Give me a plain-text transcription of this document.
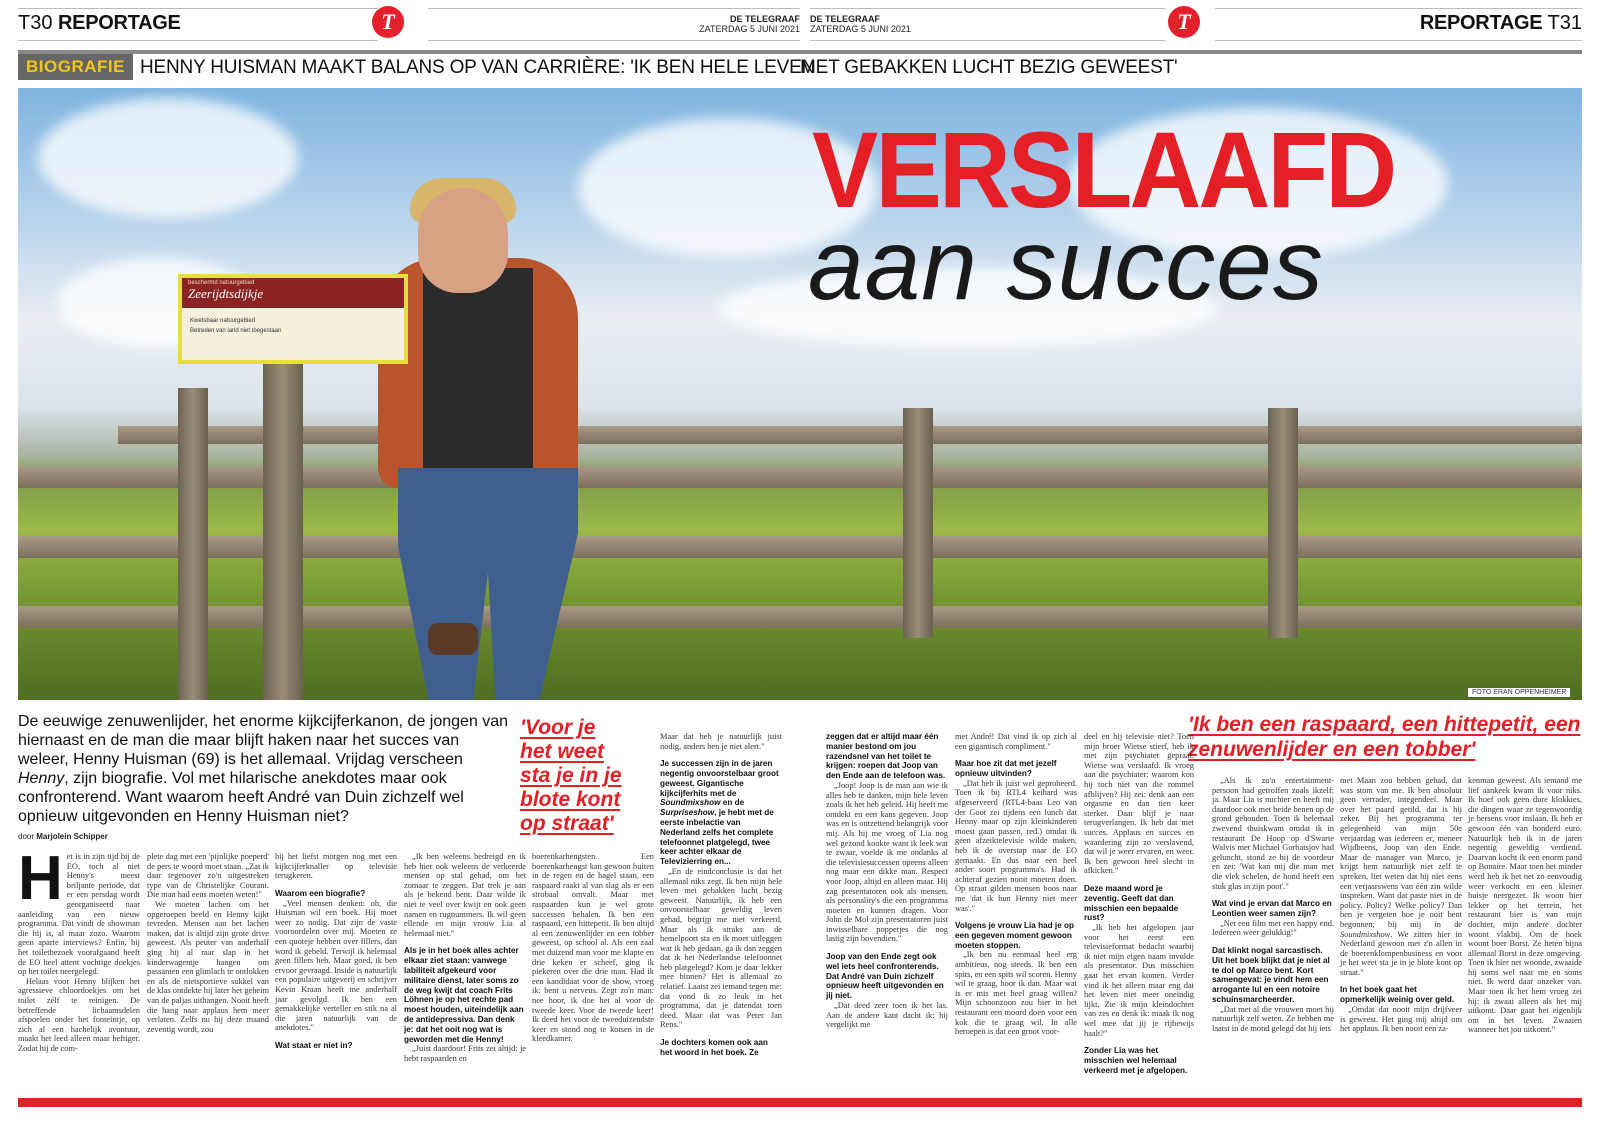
T30 REPORTAGE	T	DE TELEGRAAF
ZATERDAG 5 JUNI 2021
DE TELEGRAAF
ZATERDAG 5 JUNI 2021	T	REPORTAGE T31
BIOGRAFIE HENNY HUISMAN MAAKT BALANS OP VAN CARRIÈRE: 'IK BEN HELE LEVEN
MET GEBAKKEN LUCHT BEZIG GEWEEST'
beschermd natuurgebied
Zeerijdtsdijkje
Kwetsbaar natuurgebied
Betreden van land niet toegestaan
VERSLAAFD
aan succes
FOTO ERAN OPPENHEIMER
De eeuwige zenuwenlijder, het enorme kijkcijferkanon, de jongen van hiernaast en de man die maar blijft haken naar het succes van weleer, Henny Huisman (69) is het allemaal. Vrijdag verscheen Henny, zijn biografie. Vol met hilarische anekdotes maar ook confronterend. Want waarom heeft André van Duin zichzelf wel opnieuw uitgevonden en Henny Huisman niet?
door Marjolein Schipper
'Voor je het weet sta je in je blote kont op straat'
'Ik ben een raspaard, een hittepetit, een zenuwenlijder en een tobber'
H et is in zijn tijd bij de EO, toch al niet Henny's meest briljante periode, dat er een persdag wordt georganiseerd naar aanleiding van een nieuw programma. Dat vindt de showman die hij is, al maar zozo. Waarom geen aparte interviews? Enfin, bij het toiletbezoek voorafgaand heeft de EO heel attent vochtige doekjes op het toilet neergelegd.

Helaas voor Henny blijken het agressieve chloordoekjes om het toilet zélf te reinigen. De betreffende lichaamsdelen afspoelen onder het fonteintje, op zich al een hachelijk avontuur, maakt het leed alleen maar heftiger. Zodat hij de com-

plete dag met een 'pijnlijke poeperd' de pers te woord moet staan. „Zat ik daar tegenover zo'n uitgestreken type van de Christelijke Courant. Die man had eens moeten weten!"

We moeten lachen om het opgeroepen beeld en Henny kijkt tevreden. Mensen aan het lachen maken, dat is altijd zijn grote drive geweest. Als peuter van anderhalf ging hij al raar slap in het kinderwagentje hangen om passanten een glimlach te ontlokken en als de nietsportieve sukkel van de klas ontdekte hij later het geheim van de paljas uithangen. Nooit heeft die hang naar applaus hem meer verlaten. Zelfs nu hij deze maand zeventig wordt, zou

hij het liefst morgen nog met een kijkcijferknaller op televisie terugkeren.

Waarom een biografie?

„Veel mensen denken: oh, die Huisman wil een boek. Hij moet weer zo nodig. Dat zijn de vaste vooroordelen over mij. Moeten ze een quoteje hebben over fillers, dan word ik gebeld. Terwijl ik helemaal geen fillers heb. Maar goed, ik ben ervoor gevraagd. Inside is natuurlijk een populaire uitgeverij en schrijver Kevin Kraan heeft me anderhalf jaar gevolgd. Ik ben een gemakkelijke verteller en stik na al die jaren natuurlijk van de anekdotes."

Wat staat er niet in?

„Ik ben weleens bedreigd en ik heb hier ook weleens de verkeerde mensen op stal gehad, om het zomaar te zeggen. Dat trek je aan als je bekend bent. Daar wilde ik niet te veel over kwijt en ook geen namen en rugnummers. Ik wil geen ellende en mijn vrouw Lia al helemaal niet."

Als je in het boek alles achter elkaar ziet staan: vanwege labiliteit afgekeurd voor militaire dienst, later soms zo de weg kwijt dat coach Frits Löhnen je op het rechte pad moest houden, uiteindelijk aan de antidepressiva. Dan denk je: dat het ooit nog wat is geworden met die Henny!

„Juist daardoor! Frits zei altijd: je hebt raspaarden en

boerenkarhengsten. Een boerenkarhengst kan gewoon buiten in de regen en de hagel staan, een raspaard raakt al van slag als er een strobaal omvalt. Maar met raspaarden kun je wel grote successen behalen. Ik ben een raspaard, een hittepetit. Ik ben altijd al een zenuwenlijder en een tobber geweest, op school al. Als een zaal met duizend man voor me klapte en drie keken er scheef, ging ik piekeren over die drie man. Had ik een kandidaat voor de show, vroeg ik: bent u nerveus. Zegt zo'n man: nee hoor, ik doe het al voor de tweede keer. Voor de tweede keer! Ik deed het voor de tweeduizendste keer en stond nog te kotsen in de kleedkamer.

Maar dat heb je natuurlijk juist nodig, anders ben je niet alert."

Je successen zijn in de jaren negentig onvoorstelbaar groot geweest. Gigantische kijkcijferhits met de Soundmixshow en de Surpriseshow, je hebt met de eerste inbelactie van Nederland zelfs het complete telefoonnet platgelegd, twee keer achter elkaar de Televizierring en...

„En de eindconclusie is dat het allemaal niks zegt. Ik ben mijn hele leven met gebakken lucht bezig geweest. Natuurlijk, ik heb een onvoorstelbaar geweldig leven gehad, begrijp me niet verkeerd. Maar als ik straks aan de hemelpoort sta en ik moet uitleggen wat ik heb gedaan, ga ik dan zeggen dat ik het Nederlandse telefoonnet heb platgelegd? Kom je daar lekker mee binnen? Het is allemaal zo relatief. Laatst zei iemand tegen me: dat vond ik zo leuk in het programma, dat je datendat toen deed. Maar dat was Peter Jan Rens."

Je dochters komen ook aan het woord in het boek. Ze

zeggen dat er altijd maar één manier bestond om jou razendsnel van het toilet te krijgen: roepen dat Joop van den Ende aan de telefoon was.

„Joop! Joop is de man aan wie ik alles heb te danken, mijn hele leven zoals ik het heb geleid. Hij heeft me ontdekt en een kans gegeven. Joop was en is ontzettend belangrijk voor mij. Als hij me vroeg of Lia nog wel gezond kookte want ik leek wat te zwaar, voelde ik me ondanks al die televisiesuccessen opeens alleen nog maar een dikke man. Respect voor Joop, altijd en alleen maar. Hij zag presentatoren ook als mensen, als personality's die een programma moeten en kunnen dragen. Voor John de Mol zijn presentatoren juist inwisselbare poppetjes die nog lastig zijn bovendien."

Joop van den Ende zegt ook wel iets heel confronterends. Dat André van Duin zichzelf opnieuw heeft uitgevonden en jij niet.

„Dat deed zeer toen ik het las. Aan de andere kant dacht ik: hij vergelijkt me

met André! Dat vind ik op zich al een gigantisch compliment."

Maar hoe zit dat met jezelf opnieuw uitvinden?

„Dat heb ik juist wel geprobeerd. Toen ik bij RTL4 keihard was afgeserveerd (RTL4-baas Leo van der Goot zei tijdens een lunch dat Henny maar op zijn kleinkinderen moest gaan passen, red.) omdat ik geen afzeiktelevisie wilde maken, heb ik de overstap naar de EO gemaakt. En dus naar een heel ander soort programma's. Had ik achteraf gezien nooit moeten doen. Op straat gilden mensen boos naar me 'dat ik hun Henny niet meer was'."

Volgens je vrouw Lia had je op een gegeven moment gewoon moeten stoppen.

„Ik ben nu eenmaal heel erg ambitieus, nog steeds. Ik ben een spits, en een spits wil scoren. Henny wil te graag, hoor ik dan. Maar wat is er mis met heel graag willen? Mijn schoonzoon zou hier in het restaurant een moord doen voor een kok die te graag wil. In alle beroepen is dat een groot voor-

deel en bij televisie niet? Toen mijn broer Wietse stierf, heb ik met zijn psychiater gepraat. Wietse was verslaafd. Ik vroeg aan die psychiater: waarom kon hij toch niet van die rommel afblijven? Hij zei: denk aan een orgasme en dan tien keer sterker. Daar blijf je naar terugverlangen. Ik heb dat met succes. Applaus en succes en waardering zijn zo verslavend, dat wil je weer ervaren, en weer. Ik ben gewoon heel slecht in afkicken."

Deze maand word je zeventig. Geeft dat dan misschien een bepaalde rust?

„Ik heb het afgelopen jaar voor het eerst een televisieformat bedacht waarbij ik niet mijn eigen naam invulde als presentator. Dus misschien gaat het ervan komen. Verder vind ik het alleen maar eng dat het leven niet meer oneindig lijkt. Zie ik mijn kleindochter van zes en denk ik: maak ik nog wel mee dat jij je rijbewijs haalt?"

Zonder Lia was het misschien wel helemaal verkeerd met je afgelopen.

„Als ik zo'n entertainment-persoon had getroffen zoals ikzelf: ja. Maar Lia is nuchter en heeft mij daardoor ook met beide benen op de grond gehouden. Toen ik helemaal zwevend thuiskwam omdat ik in restaurant De Hoop op d'Swarte Walvis met Michael Gorbatsjov had geluncht, stond ze bij de voordeur en zei: 'Wat kan mij die man met die vlek schelen, de hond heeft een stuk glas in zijn poot'."

Wat vind je ervan dat Marco en Leontien weer samen zijn?

„Net een film met een happy end. Iedereen weer gelukkig!"

Dat klinkt nogal sarcastisch. Uit het boek blijkt dat je niet al te dol op Marco bent. Kort samengevat: je vindt hem een arrogante lul en een notoire schuinsmarcheerder.

„Dat met al die vrouwen moet hij natuurlijk zelf weten. Ze hebben me laatst in de mond gelegd dat hij iets

met Maan zou hebben gehad, dat was stom van me. Ik ben absoluut geen verrader, integendeel. Maar over het paard getild, dat is hij zeker. Bij het programma ter gelegenheid van mijn 50e verjaardag was iedereen er, meneer Wijdbeens, Joop van den Ende. Maar de manager van Marco, je krijgt hem natuurlijk niet zelf te spreken, liet weten dat hij niet eens een verjaarswens van één zin wilde inspreken. Want dat paste niet in de policy. Policy? Welke policy? Dan ben je vergeten hoe je ooit bent begonnen; bij mij in de Soundmixshow. We zitten hier in Nederland gewoon met z'n allen in de boerenklompenbusiness en voor je het weet sta je in je blote kont op straat."

In het boek gaat het opmerkelijk weinig over geld.

„Omdat dat nooit mijn drijfveer is geweest. Het ging mij altijd om het applaus. Ik ben nooit een za-

kenman geweest. Als iemand me lief aankeek kwam ik voor niks. Ik hoef ook geen dure klokkies, die dingen waar ze tegenwoordig je hersens voor inslaan. Ik heb er gewoon één van honderd euro. Natuurlijk heb ik in de jaren negentig geweldig verdiend. Daarvan kocht ik een enorm pand op Bonaire. Maar toen het minder werd heb ik het net zo eenvoudig weer verkocht en een kleiner huisje neergezet. Ik woon hier lekker op het terrein, het restaurant hier is van mijn dochter, mijn andere dochter woont vlakbij. Om de hoek woont boer Borst. Ze heten bijna allemaal Borst in deze omgeving. Toen ik hier net woonde, zwaaide hij soms wel naar me en soms niet. Ik werd daar onzeker van. Maar toen ik het hem vroeg zei hij: ik zwaai alleen als het mij uitkomt. Daar gaat het eigenlijk om in het leven. Zwaaien wanneer het jou uitkomt."
